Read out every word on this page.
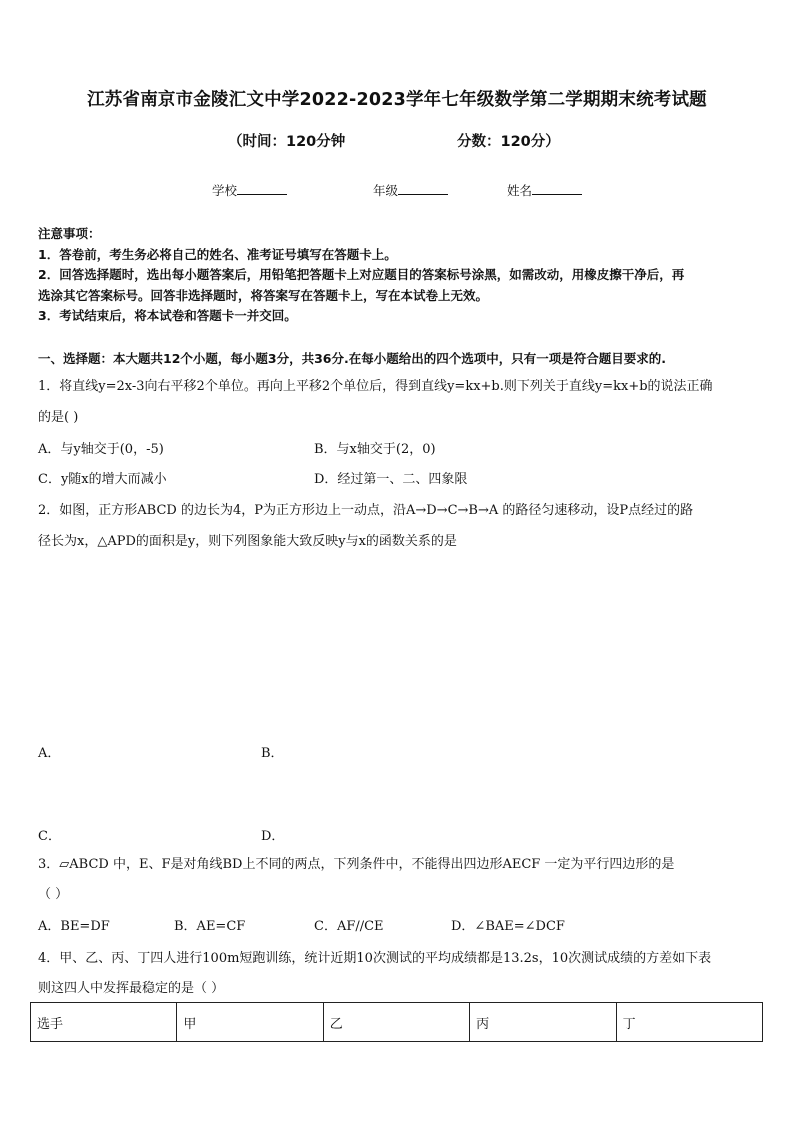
江苏省南京市金陵汇文中学2022-2023学年七年级数学第二学期期末统考试题
（时间：120分钟	分数：120分）
学校	年级	姓名
注意事项：
1．答卷前，考生务必将自己的姓名、准考证号填写在答题卡上。
2．回答选择题时，选出每小题答案后，用铅笔把答题卡上对应题目的答案标号涂黑，如需改动，用橡皮擦干净后，再
选涂其它答案标号。回答非选择题时，将答案写在答题卡上，写在本试卷上无效。
3．考试结束后，将本试卷和答题卡一并交回。
一、选择题：本大题共12个小题，每小题3分，共36分.在每小题给出的四个选项中，只有一项是符合题目要求的.
1．将直线y=2x-3向右平移2个单位。再向上平移2个单位后，得到直线y=kx+b.则下列关于直线y=kx+b的说法正确
的是( )
A．与y轴交于(0，-5)	B．与x轴交于(2，0)
C．y随x的增大而减小	D．经过第一、二、四象限
2．如图，正方形ABCD 的边长为4，P为正方形边上一动点，沿A→D→C→B→A 的路径匀速移动，设P点经过的路
径长为x，△APD的面积是y，则下列图象能大致反映y与x的函数关系的是
A．	B．
C．	D．
3．▱ABCD 中，E、F是对角线BD上不同的两点，下列条件中，不能得出四边形AECF 一定为平行四边形的是
（ ）
A．BE=DF	B．AE=CF	C．AF//CE	D．∠BAE=∠DCF
4．甲、乙、丙、丁四人进行100m短跑训练，统计近期10次测试的平均成绩都是13.2s，10次测试成绩的方差如下表
则这四人中发挥最稳定的是（ ）
选手	甲	乙	丙	丁
